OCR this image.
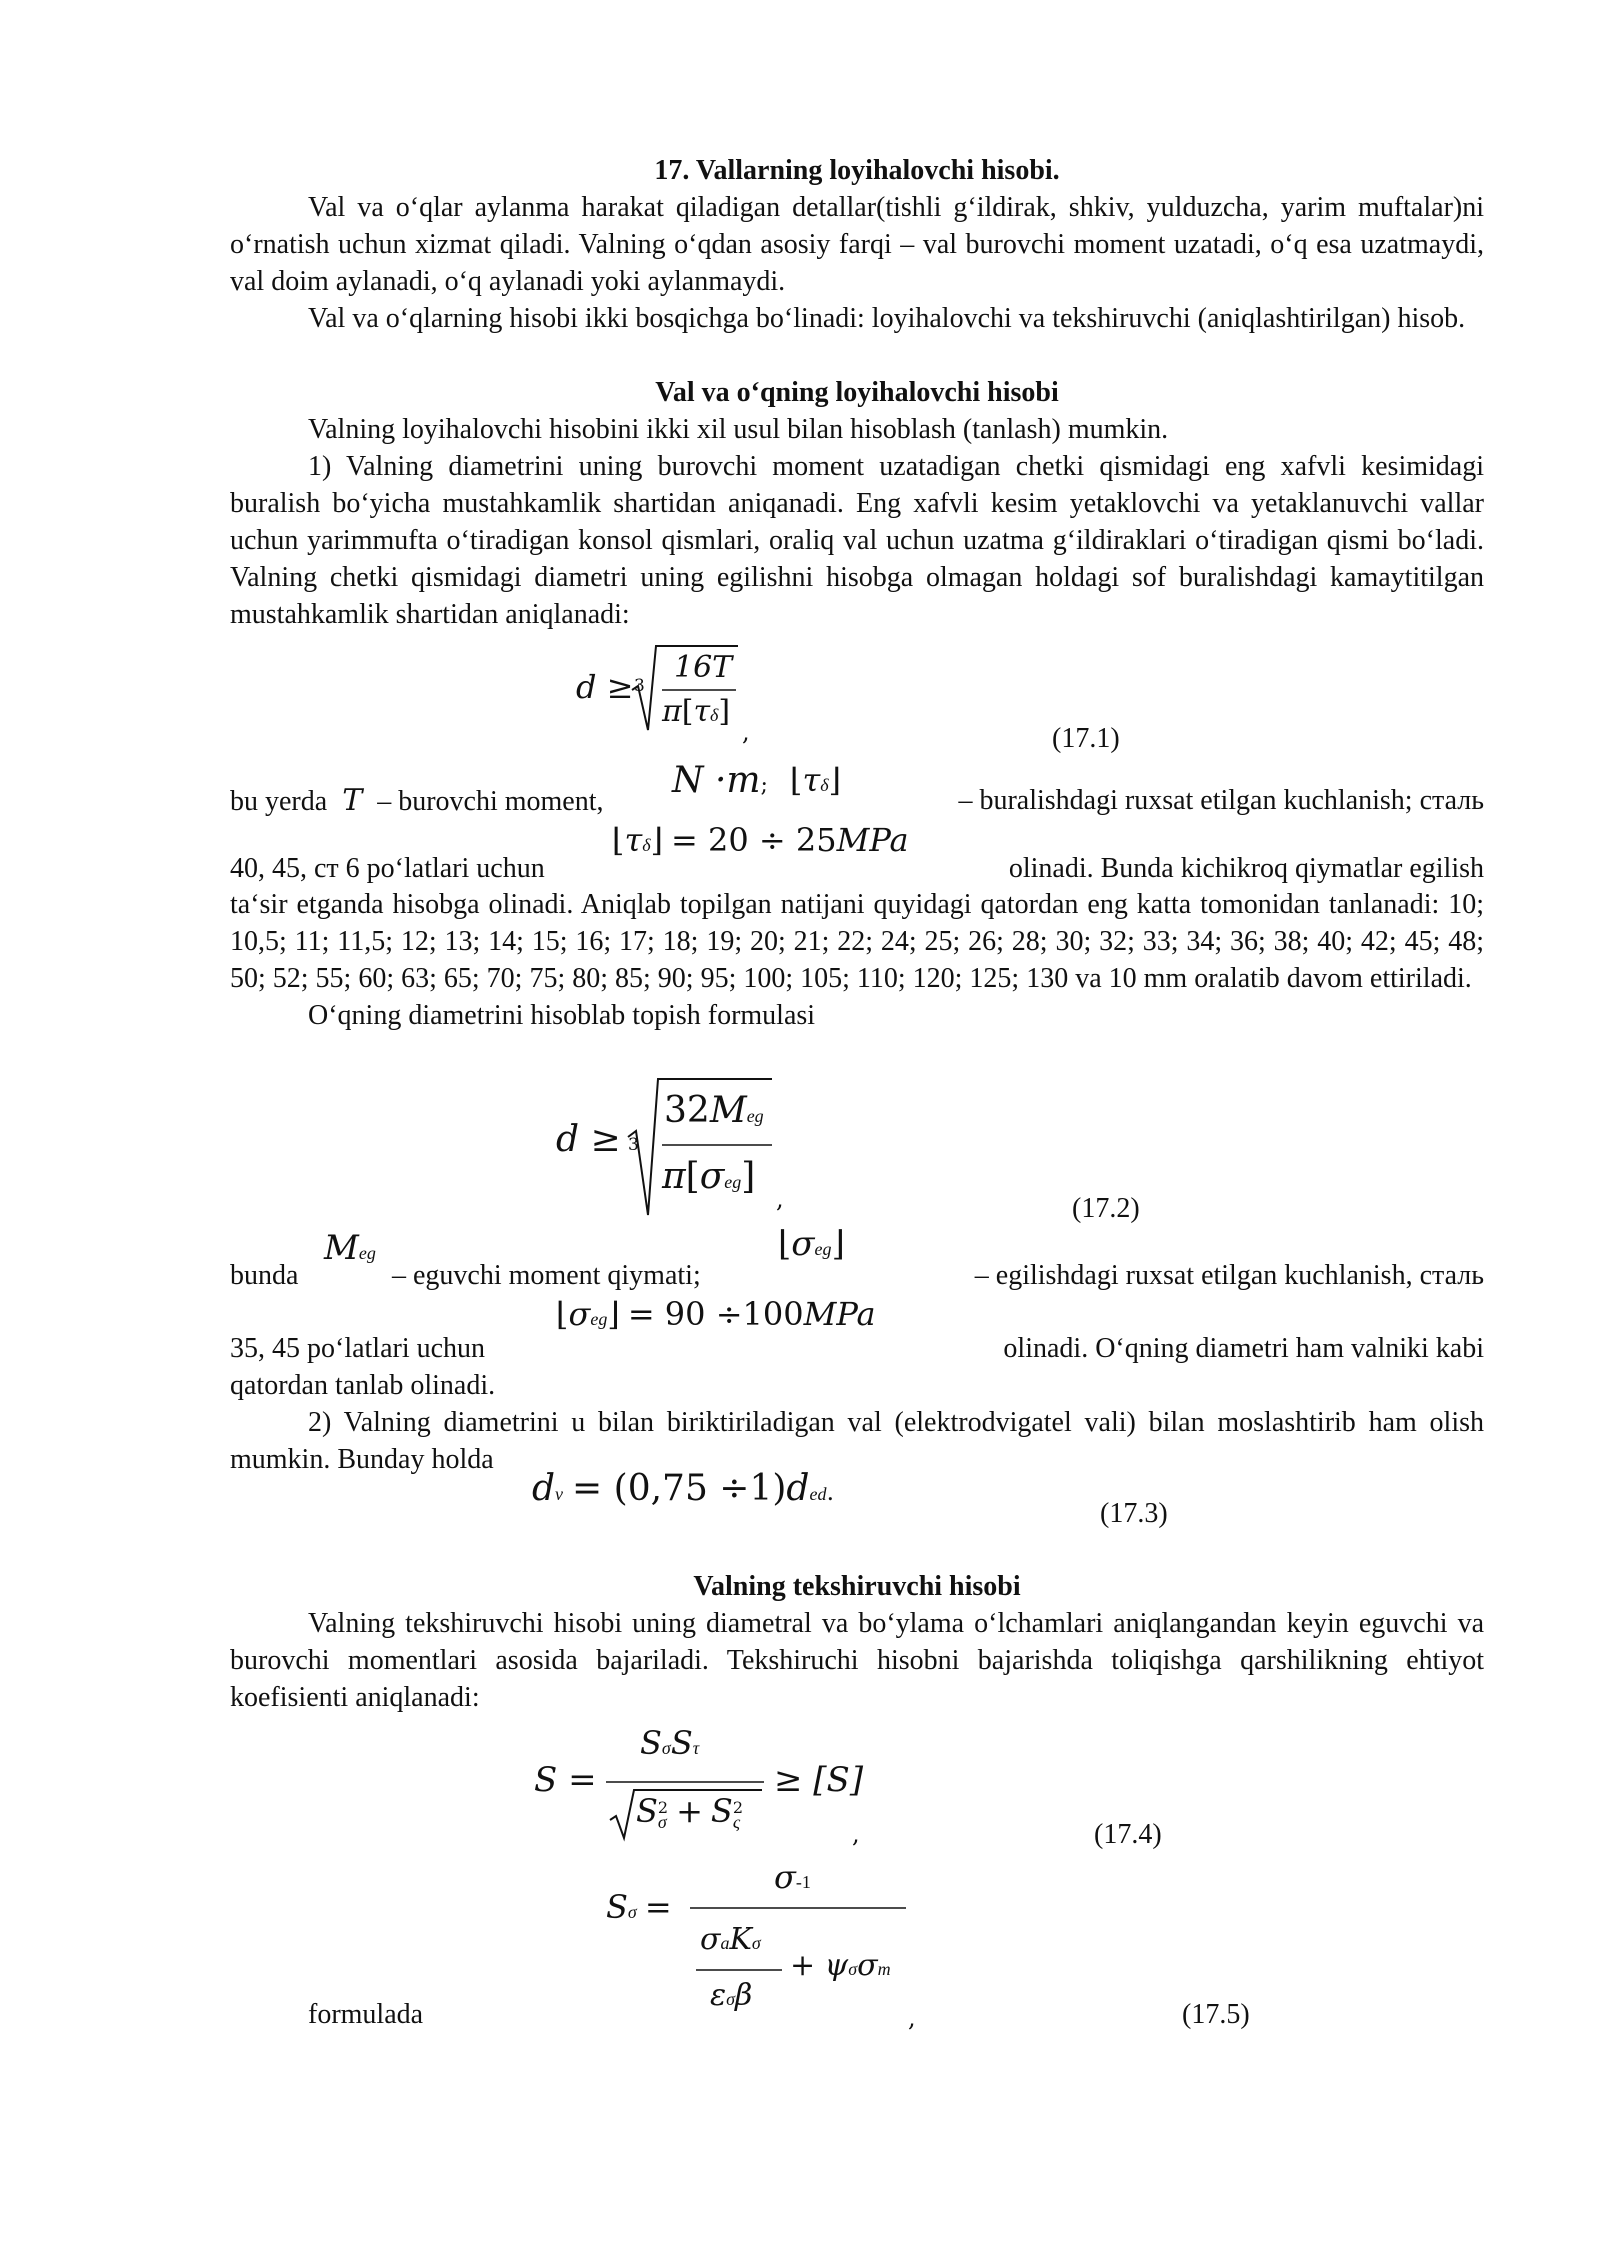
17. Vallarning loyihalovchi hisobi.

Val va o‘qlar aylanma harakat qiladigan detallar(tishli g‘ildirak, shkiv, yulduzcha, yarim muftalar)ni o‘rnatish uchun xizmat qiladi. Valning o‘qdan asosiy farqi – val burovchi moment uzatadi, o‘q esa uzatmaydi, val doim aylanadi, o‘q aylanadi yoki aylanmaydi.

Val va o‘qlarning hisobi ikki bosqichga bo‘linadi: loyihalovchi va tekshiruvchi (aniqlashtirilgan) hisob.

Val va o‘qning loyihalovchi hisobi

Valning loyihalovchi hisobini ikki xil usul bilan hisoblash (tanlash) mumkin.

1) Valning diametrini uning burovchi moment uzatadigan chetki qismidagi eng xafvli kesimidagi buralish bo‘yicha mustahkamlik shartidan aniqanadi. Eng xafvli kesim yetaklovchi va yetaklanuvchi vallar uchun yarimmufta o‘tiradigan konsol qismlari, oraliq val uchun uzatma g‘ildiraklari o‘tiradigan qismi bo‘ladi. Valning chetki qismidagi diametri uning egilishni hisobga olmagan holdagi sof buralishdagi kamaytitilgan mustahkamlik shartidan aniqlanadi:

d ≥ 3
16T
π[τδ]
,	(17.1)
bu yerda T – burovchi moment,
N ·m; ⌊τδ⌋
– buralishdagi ruxsat etilgan kuchlanish; сталь
40, 45, ст 6 po‘latlari uchun
⌊τδ⌋ = 20 ÷ 25MPa
olinadi. Bunda kichikroq qiymatlar egilish

ta‘sir etganda hisobga olinadi. Aniqlab topilgan natijani quyidagi qatordan eng katta tomonidan tanlanadi: 10; 10,5; 11; 11,5; 12; 13; 14; 15; 16; 17; 18; 19; 20; 21; 22; 24; 25; 26; 28; 30; 32; 33; 34; 36; 38; 40; 42; 45; 48; 50; 52; 55; 60; 63; 65; 70; 75; 80; 85; 90; 95; 100; 105; 110; 120; 125; 130 va 10 mm oralatib davom ettiriladi.

O‘qning diametrini hisoblab topish formulasi

d ≥ 3
32Meg
π[σeg]
,	(17.2)
bunda
Meg
– eguvchi moment qiymati;
⌊σeg⌋
– egilishdagi ruxsat etilgan kuchlanish, сталь
35, 45 po‘latlari uchun
⌊σeg⌋ = 90 ÷100MPa
olinadi. O‘qning diametri ham valniki kabi

qatordan tanlab olinadi.

2) Valning diametrini u bilan biriktiriladigan val (elektrodvigatel vali) bilan moslashtirib ham olish mumkin. Bunday holda

dv = (0,75 ÷1)ded.
(17.3)
Valning tekshiruvchi hisobi

Valning tekshiruvchi hisobi uning diametral va bo‘ylama o‘lchamlari aniqlangandan keyin eguvchi va burovchi momentlari asosida bajariladi. Tekshiruchi hisobni bajarishda toliqishga qarshilikning ehtiyot koefisienti aniqlanadi:

S =
SσSτ
S 2
σ + S 2
ς
≥ [S]
,	(17.4)
Sσ =
σ-1
σaKσ
εσβ
+ ψσσm
formulada	,	(17.5)
